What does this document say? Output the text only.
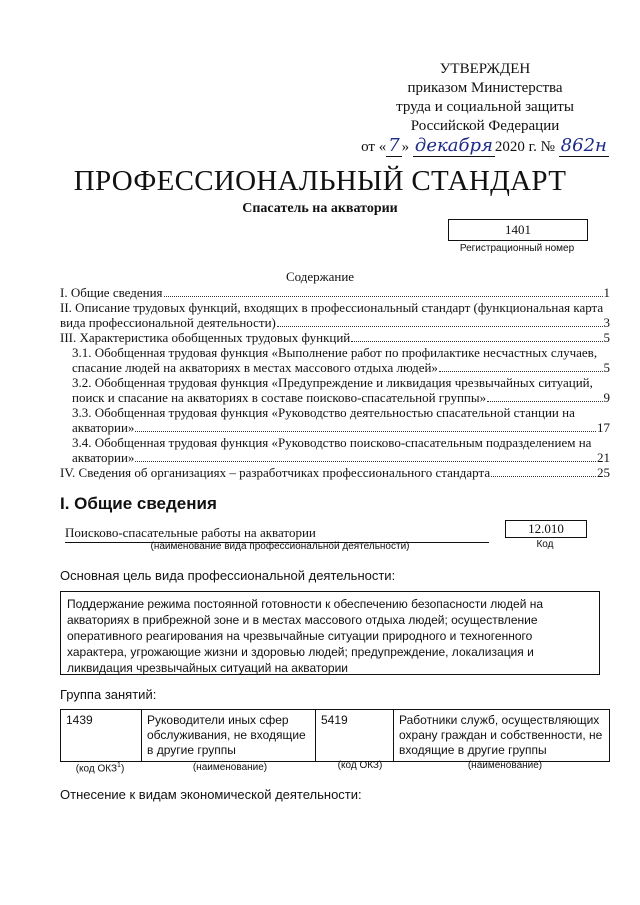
УТВЕРЖДЕН
приказом Министерства
труда и социальной защиты
Российской Федерации
от « 7 » декабря 2020 г. № 862н
ПРОФЕССИОНАЛЬНЫЙ СТАНДАРТ
Спасатель на акватории
1401
Регистрационный номер
Содержание
I. Общие сведения	1
II. Описание трудовых функций, входящих в профессиональный стандарт (функциональная карта
вида профессиональной деятельности)	3
III. Характеристика обобщенных трудовых функций	5
3.1. Обобщенная трудовая функция «Выполнение работ по профилактике несчастных случаев,
спасание людей на акваториях в местах массового отдыха людей»	5
3.2. Обобщенная трудовая функция «Предупреждение и ликвидация чрезвычайных ситуаций,
поиск и спасание на акваториях в составе поисково-спасательной группы»	9
3.3. Обобщенная трудовая функция «Руководство деятельностью спасательной станции на
акватории»	17
3.4. Обобщенная трудовая функция «Руководство поисково-спасательным подразделением на
акватории»	21
IV. Сведения об организациях – разработчиках профессионального стандарта	25
I. Общие сведения
Поисково-спасательные работы на акватории
(наименование вида профессиональной деятельности)
12.010
Код
Основная цель вида профессиональной деятельности:
Поддержание режима постоянной готовности к обеспечению безопасности людей на акваториях в прибрежной зоне и в местах массового отдыха людей; осуществление оперативного реагирования на чрезвычайные ситуации природного и техногенного характера, угрожающие жизни и здоровью людей; предупреждение, локализация и ликвидация чрезвычайных ситуаций на акватории
Группа занятий:
1439	Руководители иных сфер обслуживания, не входящие в другие группы	5419	Работники служб, осуществляющих охрану граждан и собственности, не входящие в другие группы
(код ОКЗ$^1$)	(наименование)	(код ОКЗ)	(наименование)
Отнесение к видам экономической деятельности:
